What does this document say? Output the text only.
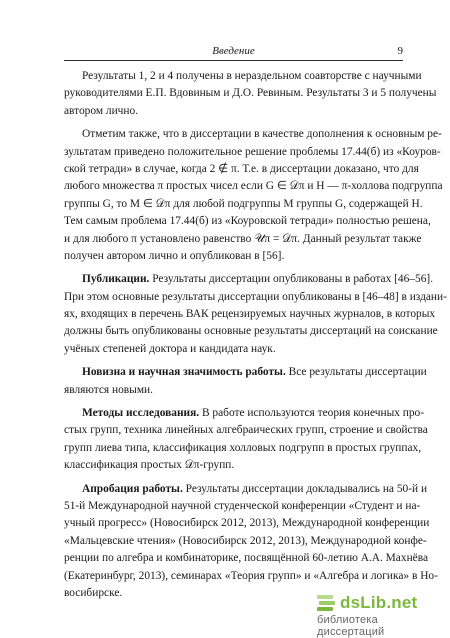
Введение	9
Результаты 1, 2 и 4 получены в нераздельном соавторстве с научными
руководителями Е.П. Вдовиным и Д.О. Ревиным. Результаты 3 и 5 получены
автором лично.
Отметим также, что в диссертации в качестве дополнения к основным ре-
зультатам приведено положительное решение проблемы 17.44(б) из «Коуров-
ской тетради» в случае, когда 2 ∉ π. Т.е. в диссертации доказано, что для
любого множества π простых чисел если G ∈ 𝒟π и H — π-холлова подгруппа
группы G, то M ∈ 𝒟π для любой подгруппы M группы G, содержащей H.
Тем самым проблема 17.44(б) из «Коуровской тетради» полностью решена,
и для любого π установлено равенство 𝒰π = 𝒟π. Данный результат также
получен автором лично и опубликован в [56].
Публикации. Результаты диссертации опубликованы в работах [46–56].
При этом основные результаты диссертации опубликованы в [46–48] в издани-
ях, входящих в перечень ВАК рецензируемых научных журналов, в которых
должны быть опубликованы основные результаты диссертаций на соискание
учёных степеней доктора и кандидата наук.
Новизна и научная значимость работы. Все результаты диссертации
являются новыми.
Методы исследования. В работе используются теория конечных про-
стых групп, техника линейных алгебраических групп, строение и свойства
групп лиева типа, классификация холловых подгрупп в простых группах,
классификация простых 𝒟π-групп.
Апробация работы. Результаты диссертации докладывались на 50-й и
51-й Международной научной студенческой конференции «Студент и на-
учный прогресс» (Новосибирск 2012, 2013), Международной конференции
«Мальцевские чтения» (Новосибирск 2012, 2013), Международной конфе-
ренции по алгебра и комбинаторике, посвящённой 60-летию А.А. Махнёва
(Екатеринбург, 2013), семинарах «Теория групп» и «Алгебра и логика» в Но-
восибирске.
dsLib.net
библиотека диссертаций
